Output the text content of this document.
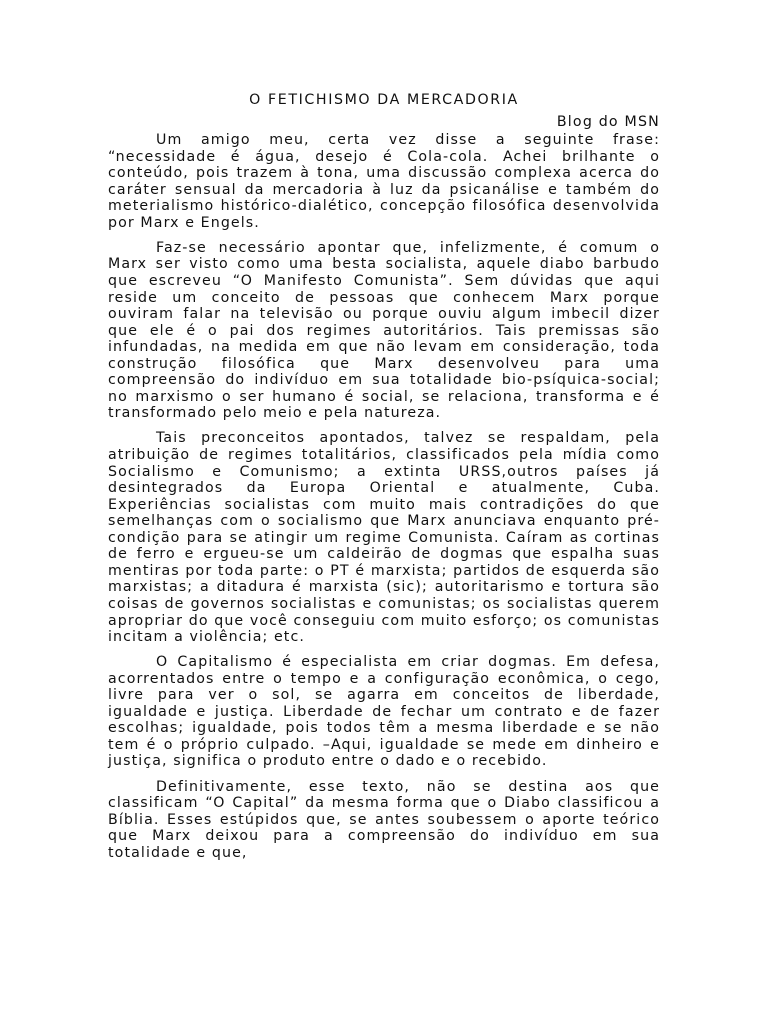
O FETICHISMO DA MERCADORIA
Blog do MSN

Um amigo meu, certa vez disse a seguinte frase: “necessidade é água, desejo é Cola-cola. Achei brilhante o conteúdo, pois trazem à tona, uma discussão complexa acerca do caráter sensual da mercadoria à luz da psicanálise e também do meterialismo histórico-dialético, concepção filosófica desenvolvida por Marx e Engels.

Faz-se necessário apontar que, infelizmente, é comum o Marx ser visto como uma besta socialista, aquele diabo barbudo que escreveu “O Manifesto Comunista”. Sem dúvidas que aqui reside um conceito de pessoas que conhecem Marx porque ouviram falar na televisão ou porque ouviu algum imbecil dizer que ele é o pai dos regimes autoritários. Tais premissas são infundadas, na medida em que não levam em consideração, toda construção filosófica que Marx desenvolveu para uma compreensão do indivíduo em sua totalidade bio-psíquica-social; no marxismo o ser humano é social, se relaciona, transforma e é transformado pelo meio e pela natureza.

Tais preconceitos apontados, talvez se respaldam, pela atribuição de regimes totalitários, classificados pela mídia como Socialismo e Comunismo; a extinta URSS,outros países já desintegrados da Europa Oriental e atualmente, Cuba. Experiências socialistas com muito mais contradições do que semelhanças com o socialismo que Marx anunciava enquanto pré-condição para se atingir um regime Comunista. Caíram as cortinas de ferro e ergueu-se um caldeirão de dogmas que espalha suas mentiras por toda parte: o PT é marxista; partidos de esquerda são marxistas; a ditadura é marxista (sic); autoritarismo e tortura são coisas de governos socialistas e comunistas; os socialistas querem apropriar do que você conseguiu com muito esforço; os comunistas incitam a violência; etc.

O Capitalismo é especialista em criar dogmas. Em defesa, acorrentados entre o tempo e a configuração econômica, o cego, livre para ver o sol, se agarra em conceitos de liberdade, igualdade e justiça. Liberdade de fechar um contrato e de fazer escolhas; igualdade, pois todos têm a mesma liberdade e se não tem é o próprio culpado. –Aqui, igualdade se mede em dinheiro e justiça, significa o produto entre o dado e o recebido.

Definitivamente, esse texto, não se destina aos que classificam “O Capital” da mesma forma que o Diabo classificou a Bíblia. Esses estúpidos que, se antes soubessem o aporte teórico que Marx deixou para a compreensão do indivíduo em sua totalidade e que,
